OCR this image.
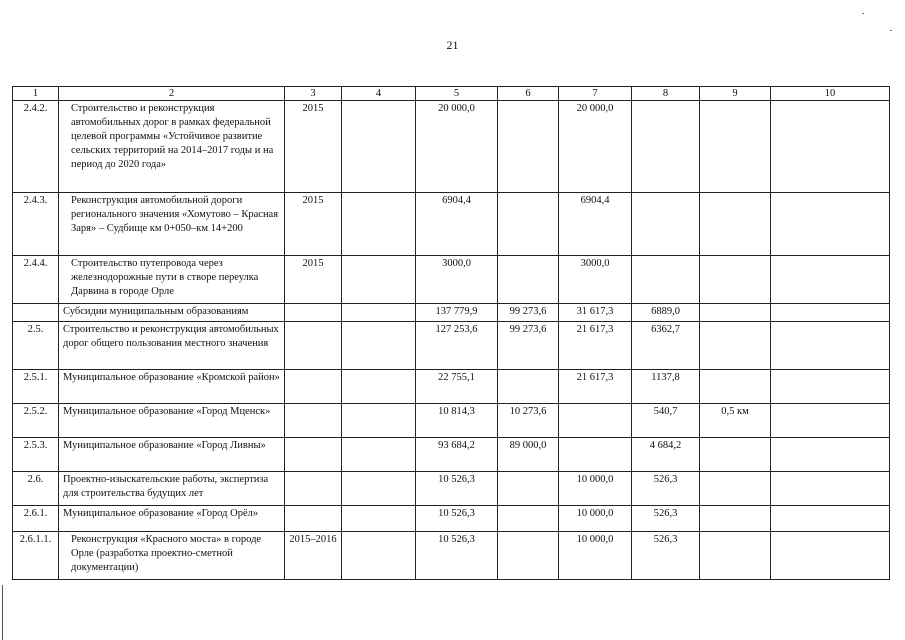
21
1	2	3	4	5	6	7	8	9	10
2.4.2.	Строительство и реконструкция автомобильных дорог в рамках федеральной целевой программы «Устойчивое развитие сельских территорий на 2014–2017 годы и на период до 2020 года»	2015		20 000,0		20 000,0			
2.4.3.	Реконструкция автомобильной дороги регионального значения «Хомутово – Красная Заря» – Судбище км 0+050–км 14+200	2015		6904,4		6904,4			
2.4.4.	Строительство путепровода через железнодорожные пути в створе переулка Дарвина в городе Орле	2015		3000,0		3000,0			
	Субсидии муниципальным образованиям			137 779,9	99 273,6	31 617,3	6889,0		
2.5.	Строительство и реконструкция автомобильных дорог общего пользования местного значения			127 253,6	99 273,6	21 617,3	6362,7		
2.5.1.	Муниципальное образование «Кромской район»			22 755,1		21 617,3	1137,8		
2.5.2.	Муниципальное образование «Город Мценск»			10 814,3	10 273,6		540,7	0,5 км	
2.5.3.	Муниципальное образование «Город Ливны»			93 684,2	89 000,0		4 684,2		
2.6.	Проектно-изыскательские работы, экспертиза для строительства будущих лет			10 526,3		10 000,0	526,3		
2.6.1.	Муниципальное образование «Город Орёл»			10 526,3		10 000,0	526,3		
2.6.1.1.	Реконструкция «Красного моста» в городе Орле (разработка проектно-сметной документации)	2015–2016		10 526,3		10 000,0	526,3		
